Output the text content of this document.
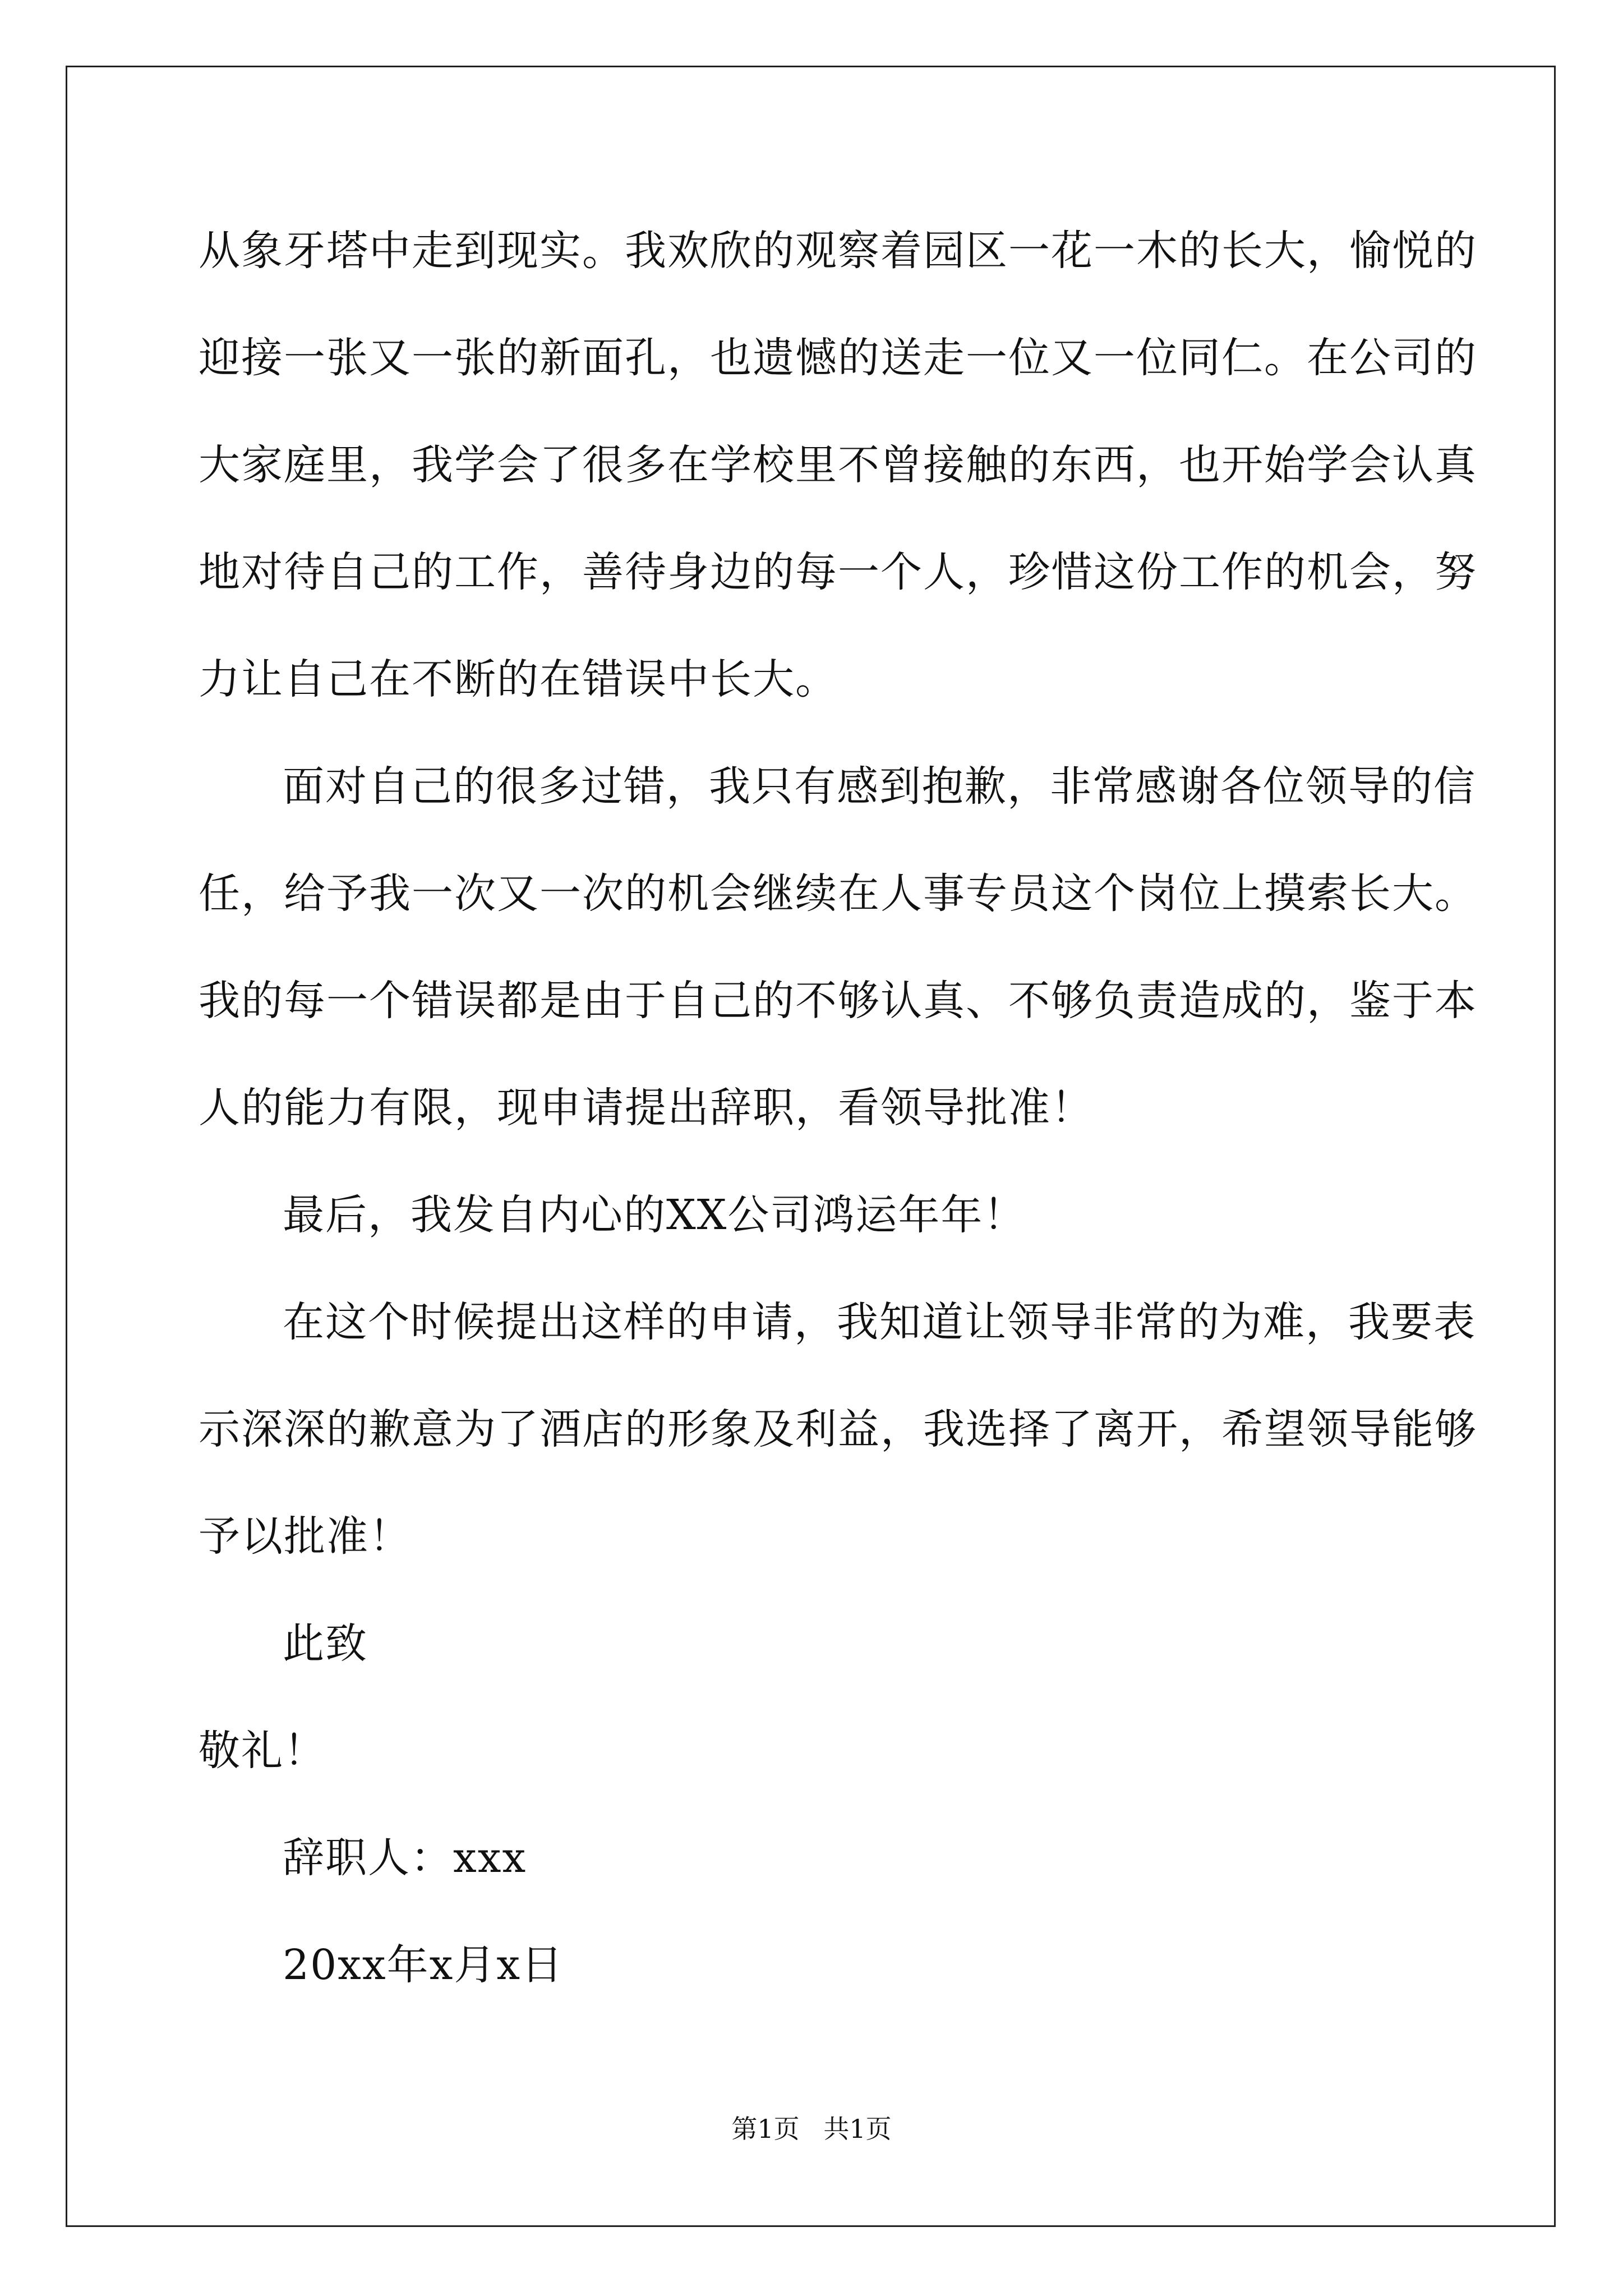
从象牙塔中走到现实。我欢欣的观察着园区一花一木的长大，愉悦的
迎接一张又一张的新面孔，也遗憾的送走一位又一位同仁。在公司的
大家庭里，我学会了很多在学校里不曾接触的东西，也开始学会认真
地对待自己的工作，善待身边的每一个人，珍惜这份工作的机会，努
力让自己在不断的在错误中长大。
面对自己的很多过错，我只有感到抱歉，非常感谢各位领导的信
任，给予我一次又一次的机会继续在人事专员这个岗位上摸索长大。
我的每一个错误都是由于自己的不够认真、不够负责造成的，鉴于本
人的能力有限，现申请提出辞职，看领导批准！
最后，我发自内心的XX公司鸿运年年！
在这个时候提出这样的申请，我知道让领导非常的为难，我要表
示深深的歉意为了酒店的形象及利益，我选择了离开，希望领导能够
予以批准！
此致
敬礼！
辞职人：xxx
20xx年x月x日
第1页 共1页
